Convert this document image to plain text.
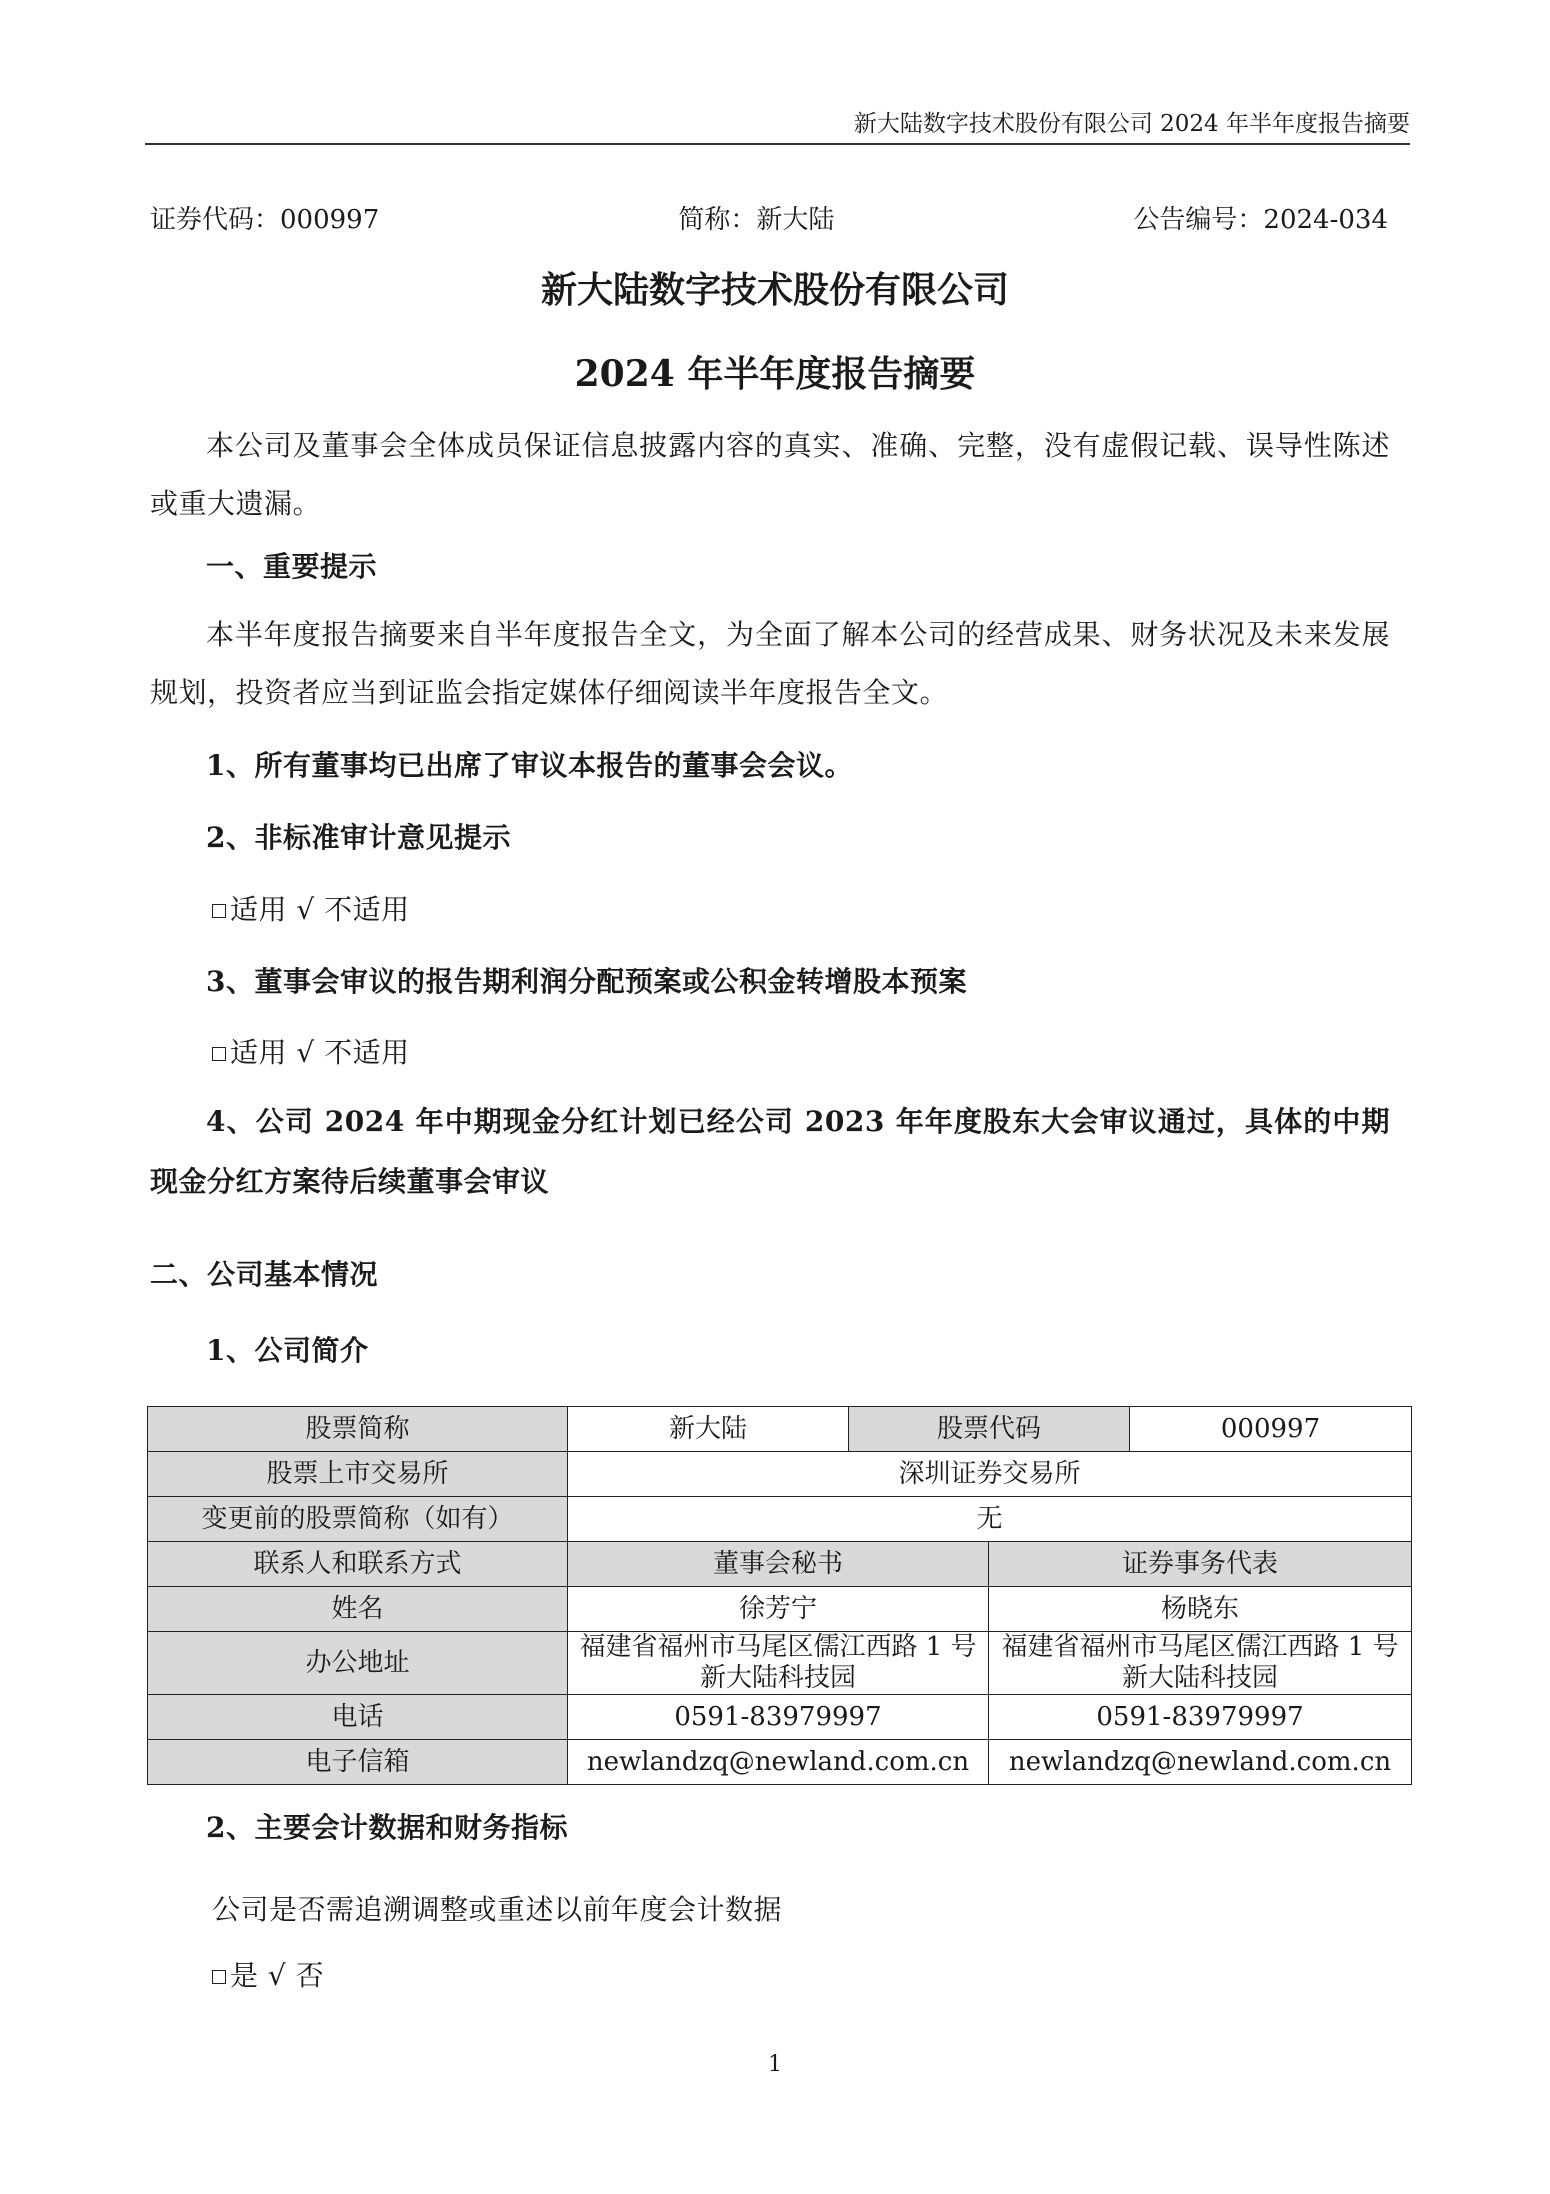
新大陆数字技术股份有限公司 2024 年半年度报告摘要
证券代码：000997	简称：新大陆	公告编号：2024-034
新大陆数字技术股份有限公司
2024 年半年度报告摘要
本公司及董事会全体成员保证信息披露内容的真实、准确、完整，没有虚假记载、误导性陈述或重大遗漏。
一、重要提示
本半年度报告摘要来自半年度报告全文，为全面了解本公司的经营成果、财务状况及未来发展规划，投资者应当到证监会指定媒体仔细阅读半年度报告全文。
1、所有董事均已出席了审议本报告的董事会会议。
2、非标准审计意见提示
适用 √ 不适用
3、董事会审议的报告期利润分配预案或公积金转增股本预案
适用 √ 不适用
4、公司 2024 年中期现金分红计划已经公司 2023 年年度股东大会审议通过，具体的中期现金分红方案待后续董事会审议
二、公司基本情况
1、公司简介
股票简称	新大陆	股票代码		000997
股票上市交易所	深圳证券交易所			
变更前的股票简称（如有）	无			
联系人和联系方式	董事会秘书		证券事务代表	
姓名	徐芳宁		杨晓东	
办公地址	福建省福州市马尾区儒江西路 1 号新大陆科技园		福建省福州市马尾区儒江西路 1 号新大陆科技园	
电话	0591-83979997		0591-83979997	
电子信箱	newlandzq@newland.com.cn		newlandzq@newland.com.cn	
2、主要会计数据和财务指标
公司是否需追溯调整或重述以前年度会计数据
是 √ 否
1
